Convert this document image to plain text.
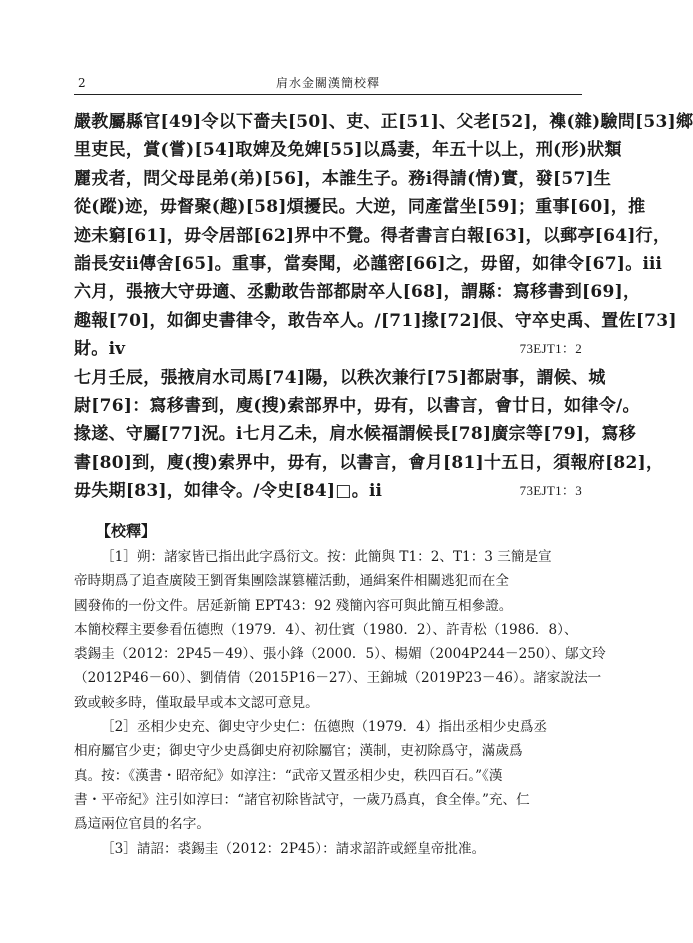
2	肩水金關漢簡校釋
嚴教屬縣官[49]令以下嗇夫[50]、吏、正[51]、父老[52]，襍(雜)驗問[53]鄉
里吏民，賞(嘗)[54]取婢及免婢[55]以爲妻，年五十以上，刑(形)狀類
麗戎者，問父母昆弟(弟)[56]，本誰生子。務ⅰ得請(情)實，發[57]生
從(蹤)迹，毋督聚(趣)[58]煩擾民。大逆，同產當坐[59]；重事[60]，推
迹未窮[61]，毋令居部[62]界中不覺。得者書言白報[63]，以郵亭[64]行，
詣長安ⅱ傳舍[65]。重事，當奏聞，必謹密[66]之，毋留，如律令[67]。ⅲ
六月，張掖大守毋適、丞勳敢告部都尉卒人[68]，謂縣：寫移書到[69]，
趣報[70]，如御史書律令，敢告卒人。∕[71]掾[72]佷、守卒史禹、置佐[73]
財。ⅳ	73EJT1：2
七月壬辰，張掖肩水司馬[74]陽，以秩次兼行[75]都尉事，謂候、城
尉[76]：寫移書到，廋(搜)索部界中，毋有，以書言，會廿日，如律令∕。
掾遂、守屬[77]況。ⅰ七月乙未，肩水候福謂候長[78]廣宗等[79]，寫移
書[80]到，廋(搜)索界中，毋有，以書言，會月[81]十五日，須報府[82]，
毋失期[83]，如律令。∕令史[84]□。ⅱ	73EJT1：3
【校釋】
［1］朔：諸家皆已指出此字爲衍文。按：此簡與 T1：2、T1：3 三簡是宣
帝時期爲了追查廣陵王劉胥集團陰謀篡權活動，通緝案件相關逃犯而在全
國發佈的一份文件。居延新簡 EPT43：92 殘簡內容可與此簡互相參證。
本簡校釋主要參看伍德煦（1979．4）、初仕賓（1980．2）、許青松（1986．8）、
裘錫圭（2012：2P45－49）、張小鋒（2000．5）、楊媚（2004P244－250）、鄔文玲
（2012P46－60）、劉倩倩（2015P16－27）、王錦城（2019P23－46）。諸家說法一
致或較多時，僅取最早或本文認可意見。
［2］丞相少史充、御史守少史仁：伍德煦（1979．4）指出丞相少史爲丞
相府屬官少吏；御史守少史爲御史府初除屬官；漢制，吏初除爲守，滿歲爲
真。按：《漢書・昭帝紀》如淳注：“武帝又置丞相少史，秩四百石。”《漢
書・平帝紀》注引如淳曰：“諸官初除皆試守，一歲乃爲真，食全俸。”充、仁
爲這兩位官員的名字。
［3］請詔：裘錫圭（2012：2P45）：請求詔許或經皇帝批准。
